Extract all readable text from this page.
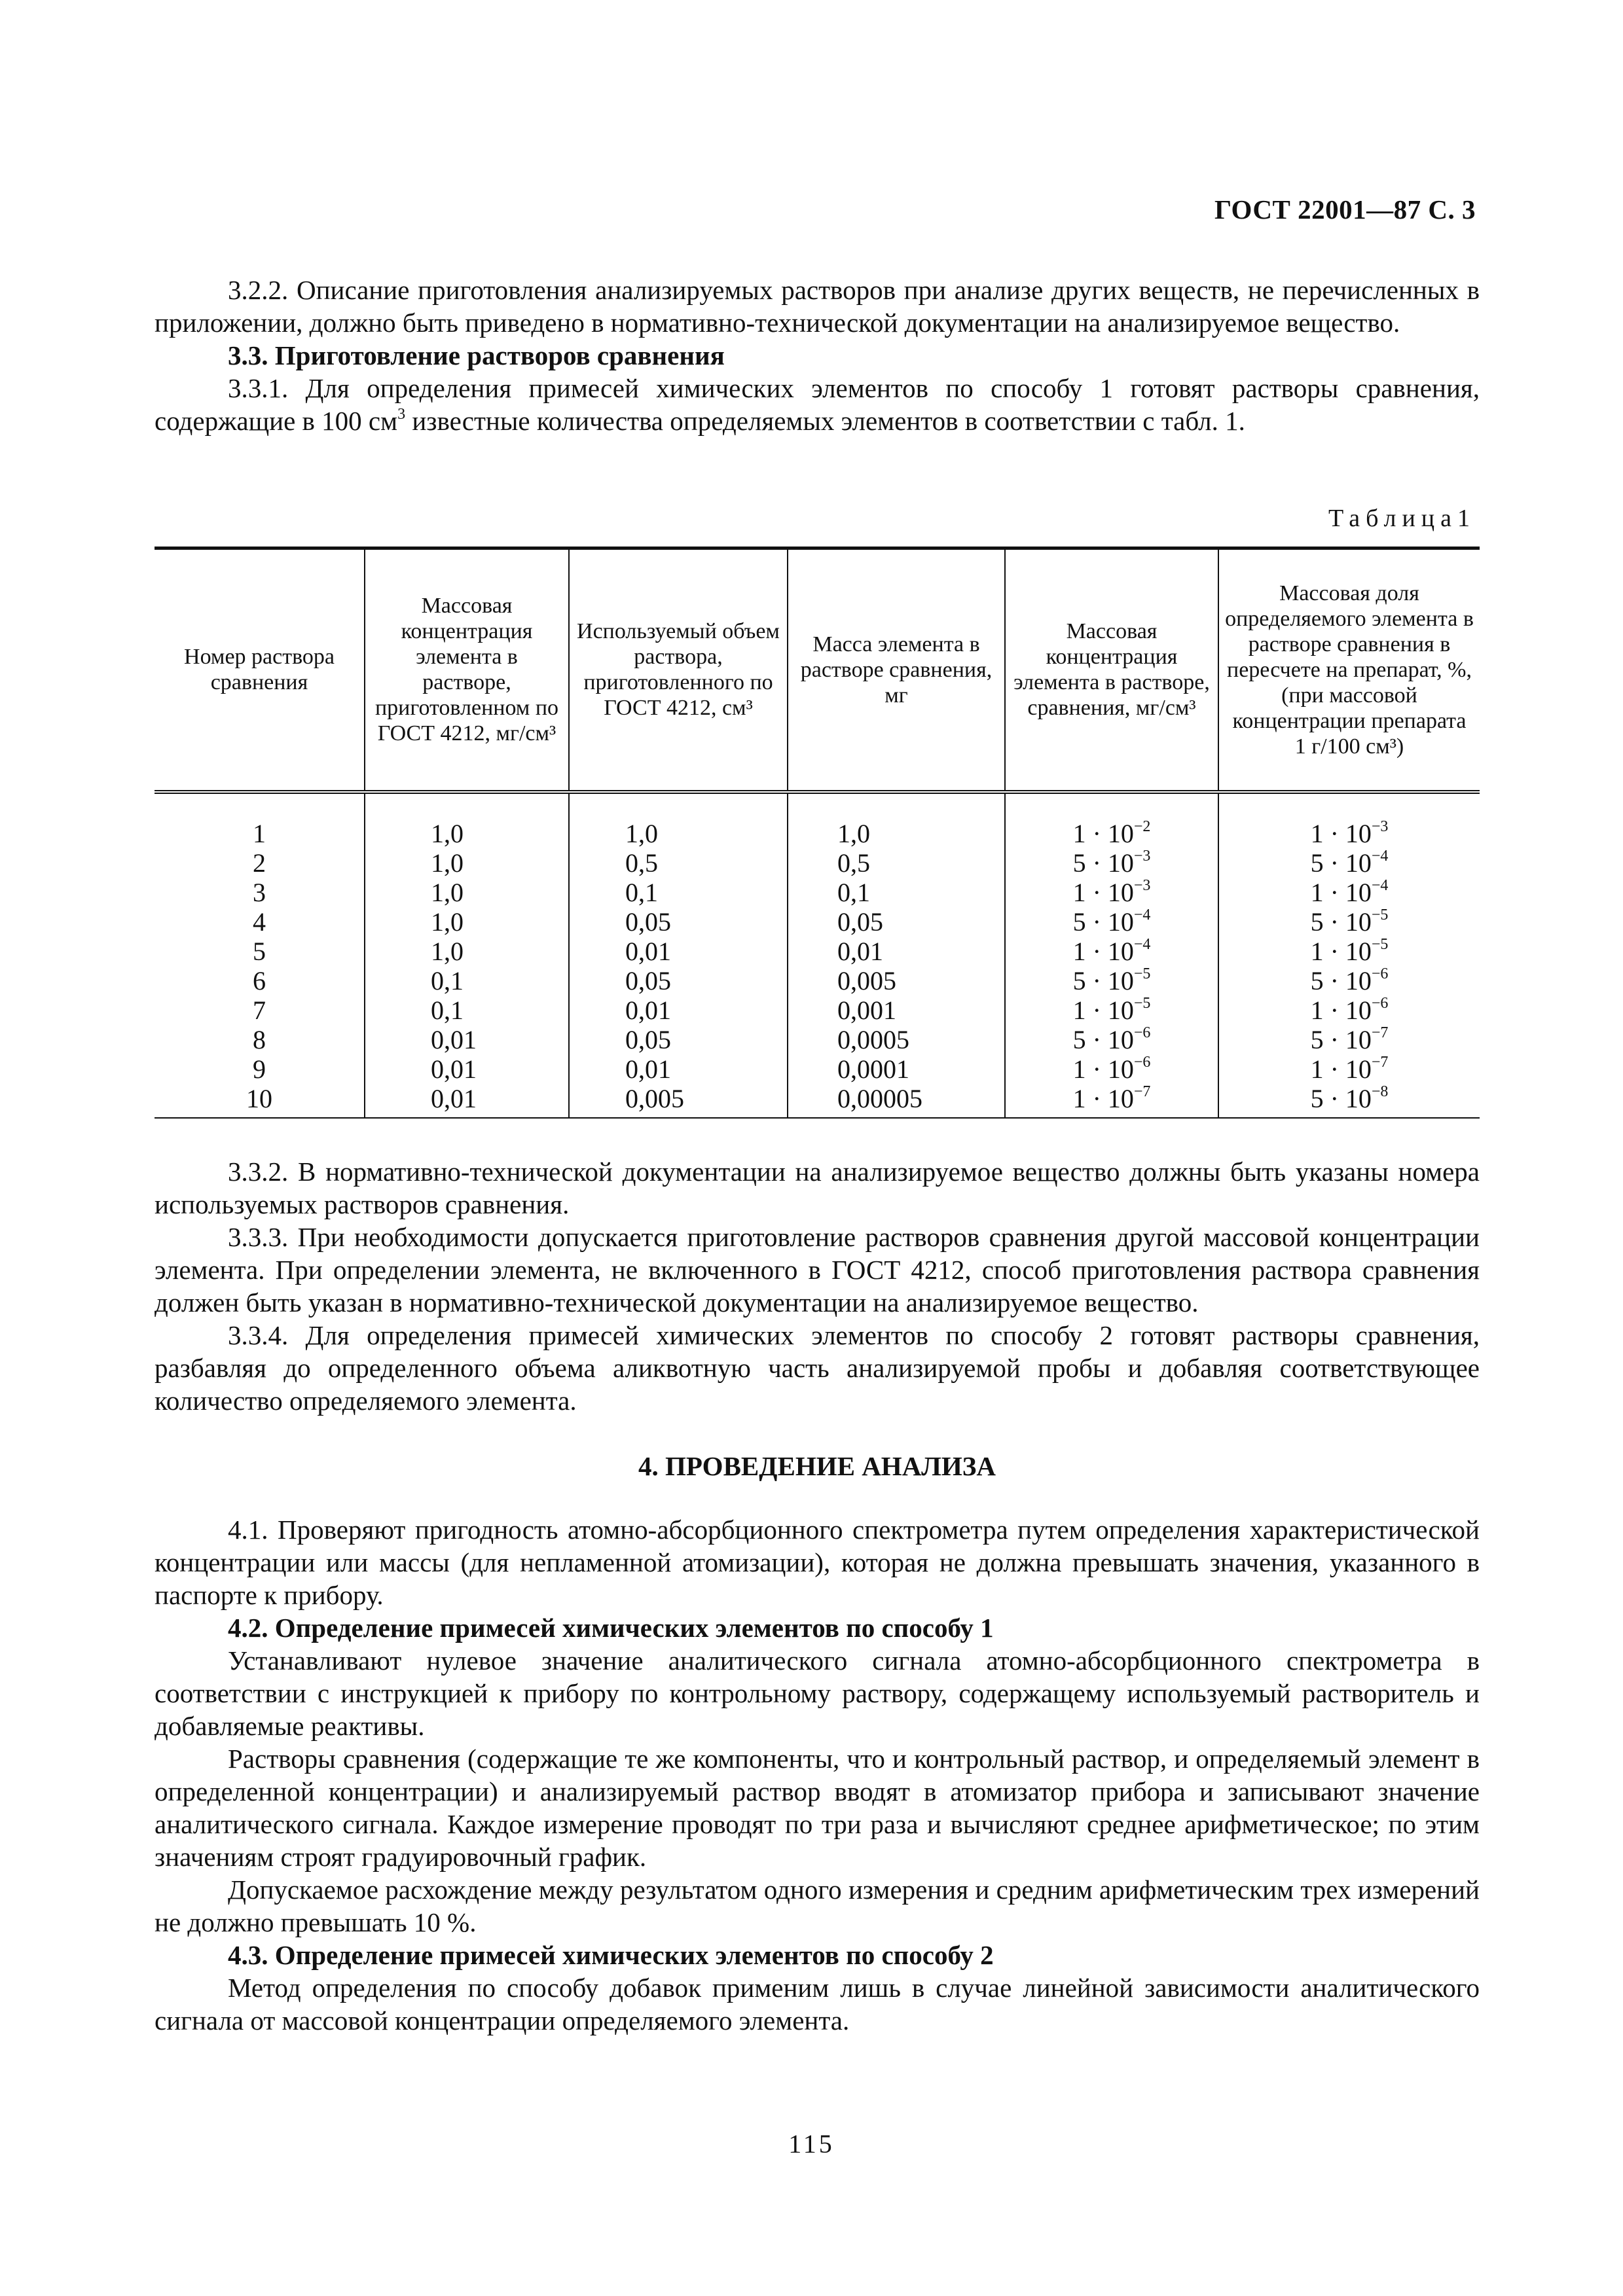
ГОСТ 22001—87 С. 3

3.2.2. Описание приготовления анализируемых растворов при анализе других веществ, не перечисленных в приложении, должно быть приведено в нормативно-технической документации на анализируемое вещество.

3.3. Приготовление растворов сравнения

3.3.1. Для определения примесей химических элементов по способу 1 готовят растворы сравнения, содержащие в 100 $см^3$ известные количества определяемых элементов в соответствии с табл. 1.

Таблица1
Номер раствора сравнения	Массовая концентрация элемента в растворе, приготовленном по ГОСТ 4212, мг/см³	Используемый объем раствора, приготовленного по ГОСТ 4212, см³	Масса элемента в растворе сравнения, мг	Массовая концентрация элемента в растворе, сравнения, мг/см³	Массовая доля определяемого элемента в растворе сравнения в пересчете на препарат, %, (при массовой концентрации препарата 1 г/100 см³)
1	1,0	1,0	1,0	$1 \cdot 10^{-2}$	$1 \cdot 10^{-3}$
2	1,0	0,5	0,5	$5 \cdot 10^{-3}$	$5 \cdot 10^{-4}$
3	1,0	0,1	0,1	$1 \cdot 10^{-3}$	$1 \cdot 10^{-4}$
4	1,0	0,05	0,05	$5 \cdot 10^{-4}$	$5 \cdot 10^{-5}$
5	1,0	0,01	0,01	$1 \cdot 10^{-4}$	$1 \cdot 10^{-5}$
6	0,1	0,05	0,005	$5 \cdot 10^{-5}$	$5 \cdot 10^{-6}$
7	0,1	0,01	0,001	$1 \cdot 10^{-5}$	$1 \cdot 10^{-6}$
8	0,01	0,05	0,0005	$5 \cdot 10^{-6}$	$5 \cdot 10^{-7}$
9	0,01	0,01	0,0001	$1 \cdot 10^{-6}$	$1 \cdot 10^{-7}$
10	0,01	0,005	0,00005	$1 \cdot 10^{-7}$	$5 \cdot 10^{-8}$

3.3.2. В нормативно-технической документации на анализируемое вещество должны быть указаны номера используемых растворов сравнения.

3.3.3. При необходимости допускается приготовление растворов сравнения другой массовой концентрации элемента. При определении элемента, не включенного в ГОСТ 4212, способ приготовления раствора сравнения должен быть указан в нормативно-технической документации на анализируемое вещество.

3.3.4. Для определения примесей химических элементов по способу 2 готовят растворы сравнения, разбавляя до определенного объема аликвотную часть анализируемой пробы и добавляя соответствующее количество определяемого элемента.

4. ПРОВЕДЕНИЕ АНАЛИЗА

4.1. Проверяют пригодность атомно-абсорбционного спектрометра путем определения характеристической концентрации или массы (для непламенной атомизации), которая не должна превышать значения, указанного в паспорте к прибору.

4.2. Определение примесей химических элементов по способу 1

Устанавливают нулевое значение аналитического сигнала атомно-абсорбционного спектрометра в соответствии с инструкцией к прибору по контрольному раствору, содержащему используемый растворитель и добавляемые реактивы.

Растворы сравнения (содержащие те же компоненты, что и контрольный раствор, и определяемый элемент в определенной концентрации) и анализируемый раствор вводят в атомизатор прибора и записывают значение аналитического сигнала. Каждое измерение проводят по три раза и вычисляют среднее арифметическое; по этим значениям строят градуировочный график.

Допускаемое расхождение между результатом одного измерения и средним арифметическим трех измерений не должно превышать 10 %.

4.3. Определение примесей химических элементов по способу 2

Метод определения по способу добавок применим лишь в случае линейной зависимости аналитического сигнала от массовой концентрации определяемого элемента.

115
